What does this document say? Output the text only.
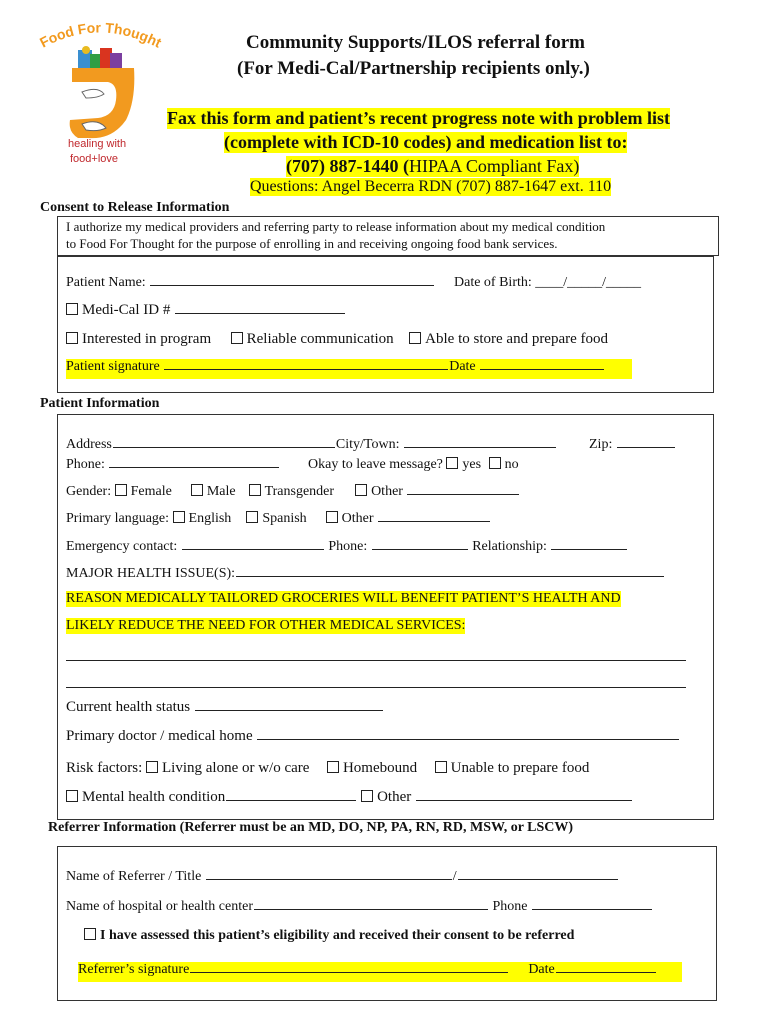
Food For Thought
healing with
food+love
Community Supports/ILOS referral form
(For Medi-Cal/Partnership recipients only.)
Fax this form and patient’s recent progress note with problem list
(complete with ICD-10 codes) and medication list to:
(707) 887-1440 (HIPAA Compliant Fax)
Questions: Angel Becerra RDN (707) 887-1647 ext. 110
Consent to Release Information
I authorize my medical providers and referring party to release information about my medical condition
to Food For Thought for the purpose of enrolling in and receiving ongoing food bank services.
Patient Name:	Date of Birth: ____/_____/_____
Medi-Cal ID #
Interested in program Reliable communication Able to store and prepare food
Patient signature	Date
Patient Information
Address	City/Town:	Zip:
Phone:	Okay to leave message? yes no
Gender: Female	Male Transgender	Other
Primary language: English Spanish	Other
Emergency contact:	Phone:	Relationship:
MAJOR HEALTH ISSUE(S):
REASON MEDICALLY TAILORED GROCERIES WILL BENEFIT PATIENT’S HEALTH AND
LIKELY REDUCE THE NEED FOR OTHER MEDICAL SERVICES:
Current health status
Primary doctor / medical home
Risk factors: Living alone or w/o care Homebound Unable to prepare food
Mental health condition	Other
Referrer Information (Referrer must be an MD, DO, NP, PA, RN, RD, MSW, or LSCW)
Name of Referrer / Title	/
Name of hospital or health center	Phone
I have assessed this patient’s eligibility and received their consent to be referred
Referrer’s signature	Date
